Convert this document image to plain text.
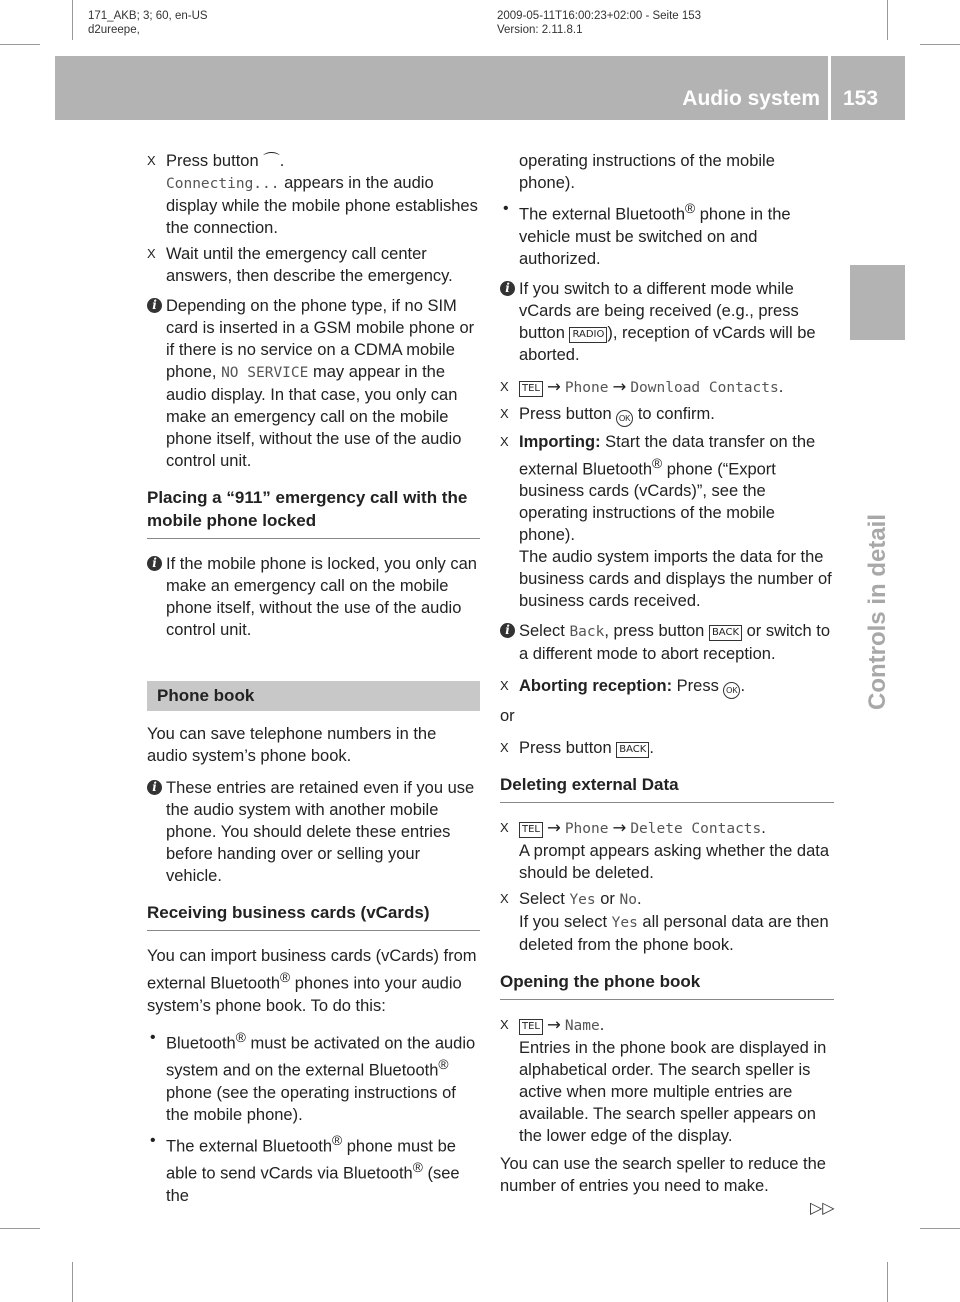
171_AKB; 3; 60, en-US
d2ureepe,
2009-05-11T16:00:23+02:00 - Seite 153
Version: 2.11.8.1
Audio system 153
Controls in detail
X Press button ⌒.
Connecting... appears in the audio display while the mobile phone establishes the connection.
X Wait until the emergency call center answers, then describe the emergency.
i Depending on the phone type, if no SIM card is inserted in a GSM mobile phone or if there is no service on a CDMA mobile phone, NO SERVICE may appear in the audio display. In that case, you only can make an emergency call on the mobile phone itself, without the use of the audio control unit.
Placing a “911” emergency call with the mobile phone locked
i If the mobile phone is locked, you only can make an emergency call on the mobile phone itself, without the use of the audio control unit.
Phone book
You can save telephone numbers in the audio system’s phone book.
i These entries are retained even if you use the audio system with another mobile phone. You should delete these entries before handing over or selling your vehicle.
Receiving business cards (vCards)
You can import business cards (vCards) from external Bluetooth® phones into your audio system’s phone book. To do this:
• Bluetooth® must be activated on the audio system and on the external Bluetooth® phone (see the operating instructions of the mobile phone).
• The external Bluetooth® phone must be able to send vCards via Bluetooth® (see the
operating instructions of the mobile phone).
• The external Bluetooth® phone in the vehicle must be switched on and authorized.
i If you switch to a different mode while vCards are being received (e.g., press button RADIO ), reception of vCards will be aborted.
X	TEL → Phone → Download Contacts.
X Press button OK to confirm.
X Importing: Start the data transfer on the external Bluetooth® phone (“Export business cards (vCards)”, see the operating instructions of the mobile phone).
The audio system imports the data for the business cards and displays the number of business cards received.
i Select Back, press button BACK or switch to a different mode to abort reception.
X Aborting reception: Press OK .
or
X Press button BACK .
Deleting external Data
X	TEL → Phone → Delete Contacts.
A prompt appears asking whether the data should be deleted.
X Select Yes or No.
If you select Yes all personal data are then deleted from the phone book.
Opening the phone book
X	TEL → Name.
Entries in the phone book are displayed in alphabetical order. The search speller is active when more multiple entries are available. The search speller appears on the lower edge of the display.
You can use the search speller to reduce the number of entries you need to make.
▷▷
